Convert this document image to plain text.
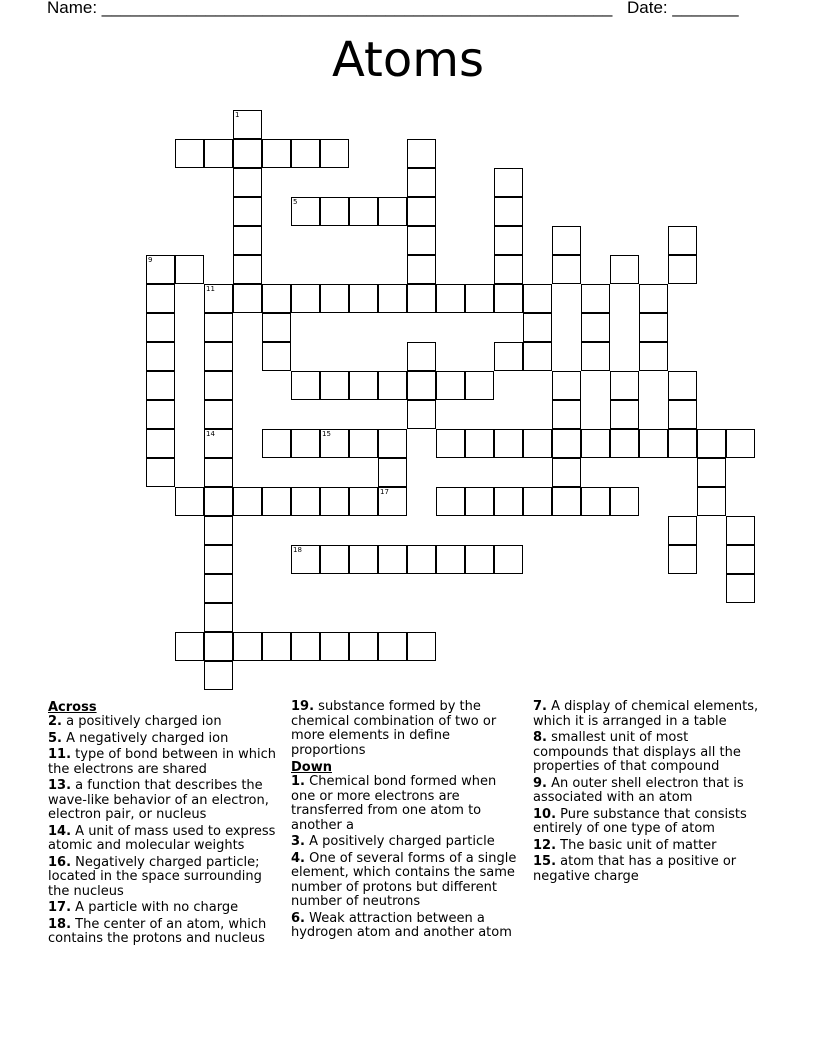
Name: ______________________________________________________ Date: _______
Atoms
1
5
9
11
14	15
17
18
Across

2. a positively charged ion

5. A negatively charged ion

11. type of bond between in which the electrons are shared

13. a function that describes the wave-like behavior of an electron, electron pair, or nucleus

14. A unit of mass used to express atomic and molecular weights

16. Negatively charged particle; located in the space surrounding the nucleus

17. A particle with no charge

18. The center of an atom, which contains the protons and nucleus

19. substance formed by the chemical combination of two or more elements in define proportions

Down

1. Chemical bond formed when one or more electrons are transferred from one atom to another a

3. A positively charged particle

4. One of several forms of a single element, which contains the same number of protons but different number of neutrons

6. Weak attraction between a hydrogen atom and another atom

7. A display of chemical elements, which it is arranged in a table

8. smallest unit of most compounds that displays all the properties of that compound

9. An outer shell electron that is associated with an atom

10. Pure substance that consists entirely of one type of atom

12. The basic unit of matter

15. atom that has a positive or negative charge
